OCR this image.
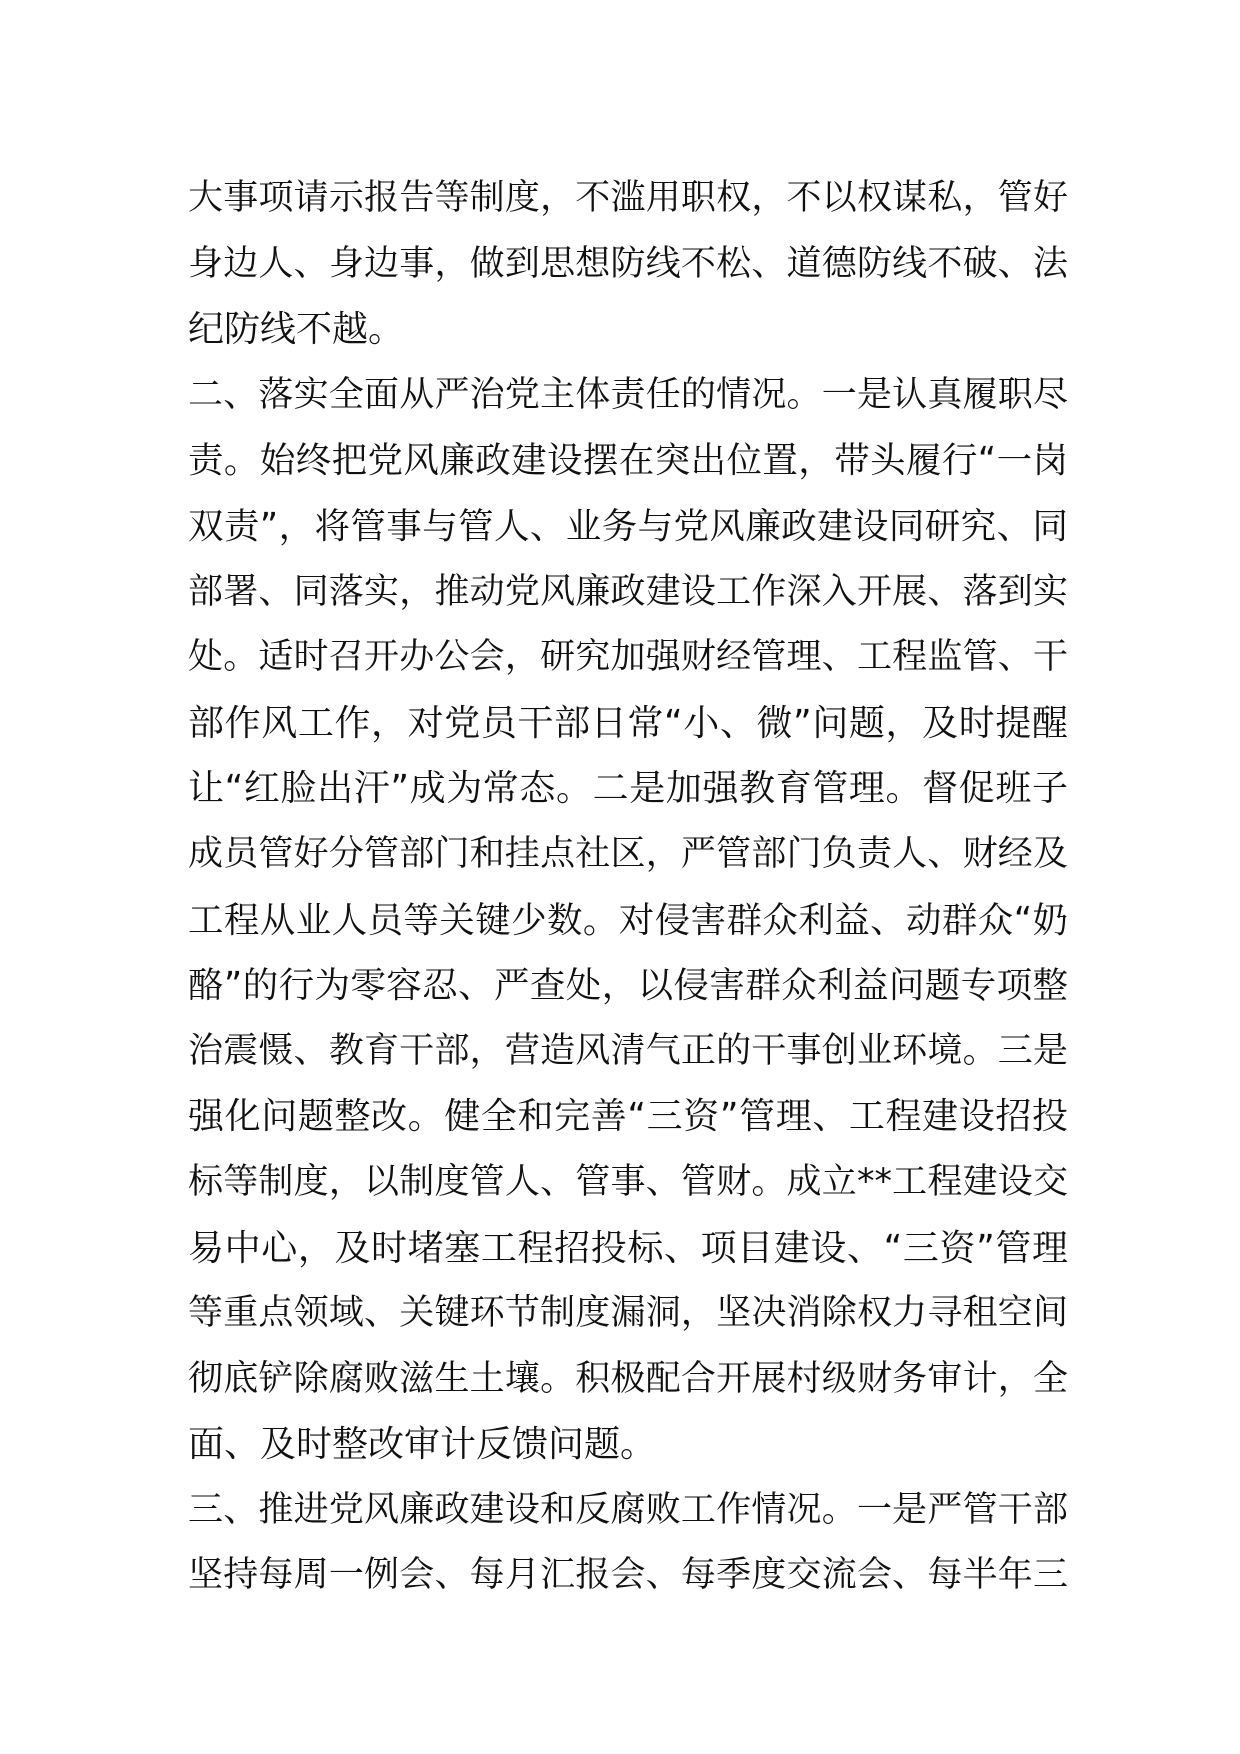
大事项请示报告等制度，不滥用职权，不以权谋私，管好
身边人、身边事，做到思想防线不松、道德防线不破、法
纪防线不越。
二、落实全面从严治党主体责任的情况。一是认真履职尽
责。始终把党风廉政建设摆在突出位置，带头履行“一岗
双责”，将管事与管人、业务与党风廉政建设同研究、同
部署、同落实，推动党风廉政建设工作深入开展、落到实
处。适时召开办公会，研究加强财经管理、工程监管、干
部作风工作，对党员干部日常“小、微”问题，及时提醒
让“红脸出汗”成为常态。二是加强教育管理。督促班子
成员管好分管部门和挂点社区，严管部门负责人、财经及
工程从业人员等关键少数。对侵害群众利益、动群众“奶
酪”的行为零容忍、严查处，以侵害群众利益问题专项整
治震慑、教育干部，营造风清气正的干事创业环境。三是
强化问题整改。健全和完善“三资”管理、工程建设招投
标等制度，以制度管人、管事、管财。成立**工程建设交
易中心，及时堵塞工程招投标、项目建设、“三资”管理
等重点领域、关键环节制度漏洞，坚决消除权力寻租空间
彻底铲除腐败滋生土壤。积极配合开展村级财务审计，全
面、及时整改审计反馈问题。
三、推进党风廉政建设和反腐败工作情况。一是严管干部
坚持每周一例会、每月汇报会、每季度交流会、每半年三
